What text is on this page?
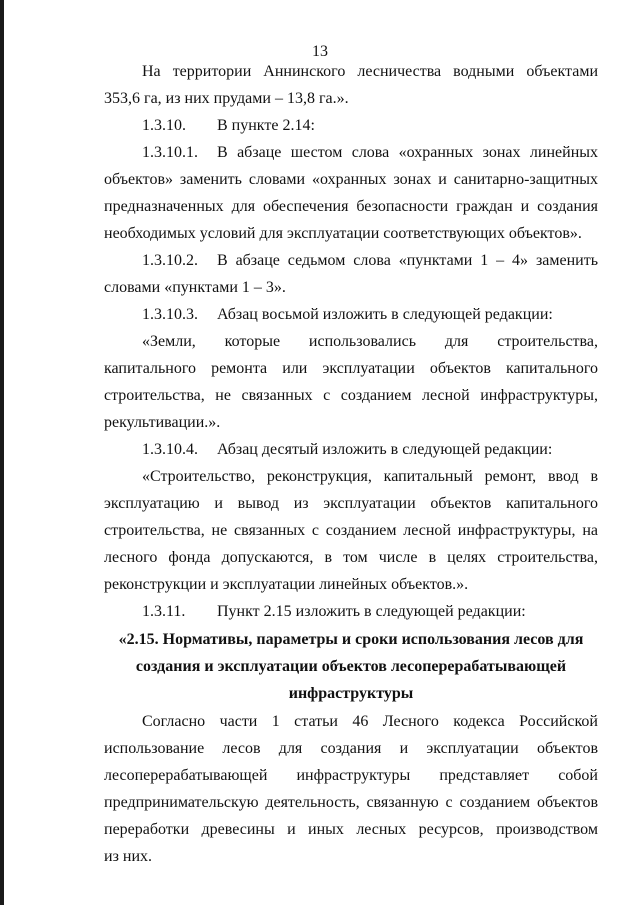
13
На территории Аннинского лесничества водными объектами
353,6 га, из них прудами – 13,8 га.».
1.3.10. В пункте 2.14:
1.3.10.1.	В абзаце шестом слова «охранных зонах линейных
объектов» заменить словами «охранных зонах и санитарно-защитных
предназначенных для обеспечения безопасности граждан и создания
необходимых условий для эксплуатации соответствующих объектов».
1.3.10.2.	В абзаце седьмом слова «пунктами 1 – 4» заменить
словами «пунктами 1 – 3».
1.3.10.3. Абзац восьмой изложить в следующей редакции:
«Земли, которые использовались для строительства,
капитального ремонта или эксплуатации объектов капитального
строительства, не связанных с созданием лесной инфраструктуры,
рекультивации.».
1.3.10.4. Абзац десятый изложить в следующей редакции:
«Строительство, реконструкция, капитальный ремонт, ввод в
эксплуатацию и вывод из эксплуатации объектов капитального
строительства, не связанных с созданием лесной инфраструктуры, на
лесного фонда допускаются, в том числе в целях строительства,
реконструкции и эксплуатации линейных объектов.».
1.3.11. Пункт 2.15 изложить в следующей редакции:
«2.15. Нормативы, параметры и сроки использования лесов для
создания и эксплуатации объектов лесоперерабатывающей
инфраструктуры
Согласно части 1 статьи 46 Лесного кодекса Российской
использование лесов для создания и эксплуатации объектов
лесоперерабатывающей инфраструктуры представляет собой
предпринимательскую деятельность, связанную с созданием объектов
переработки древесины и иных лесных ресурсов, производством
из них.
